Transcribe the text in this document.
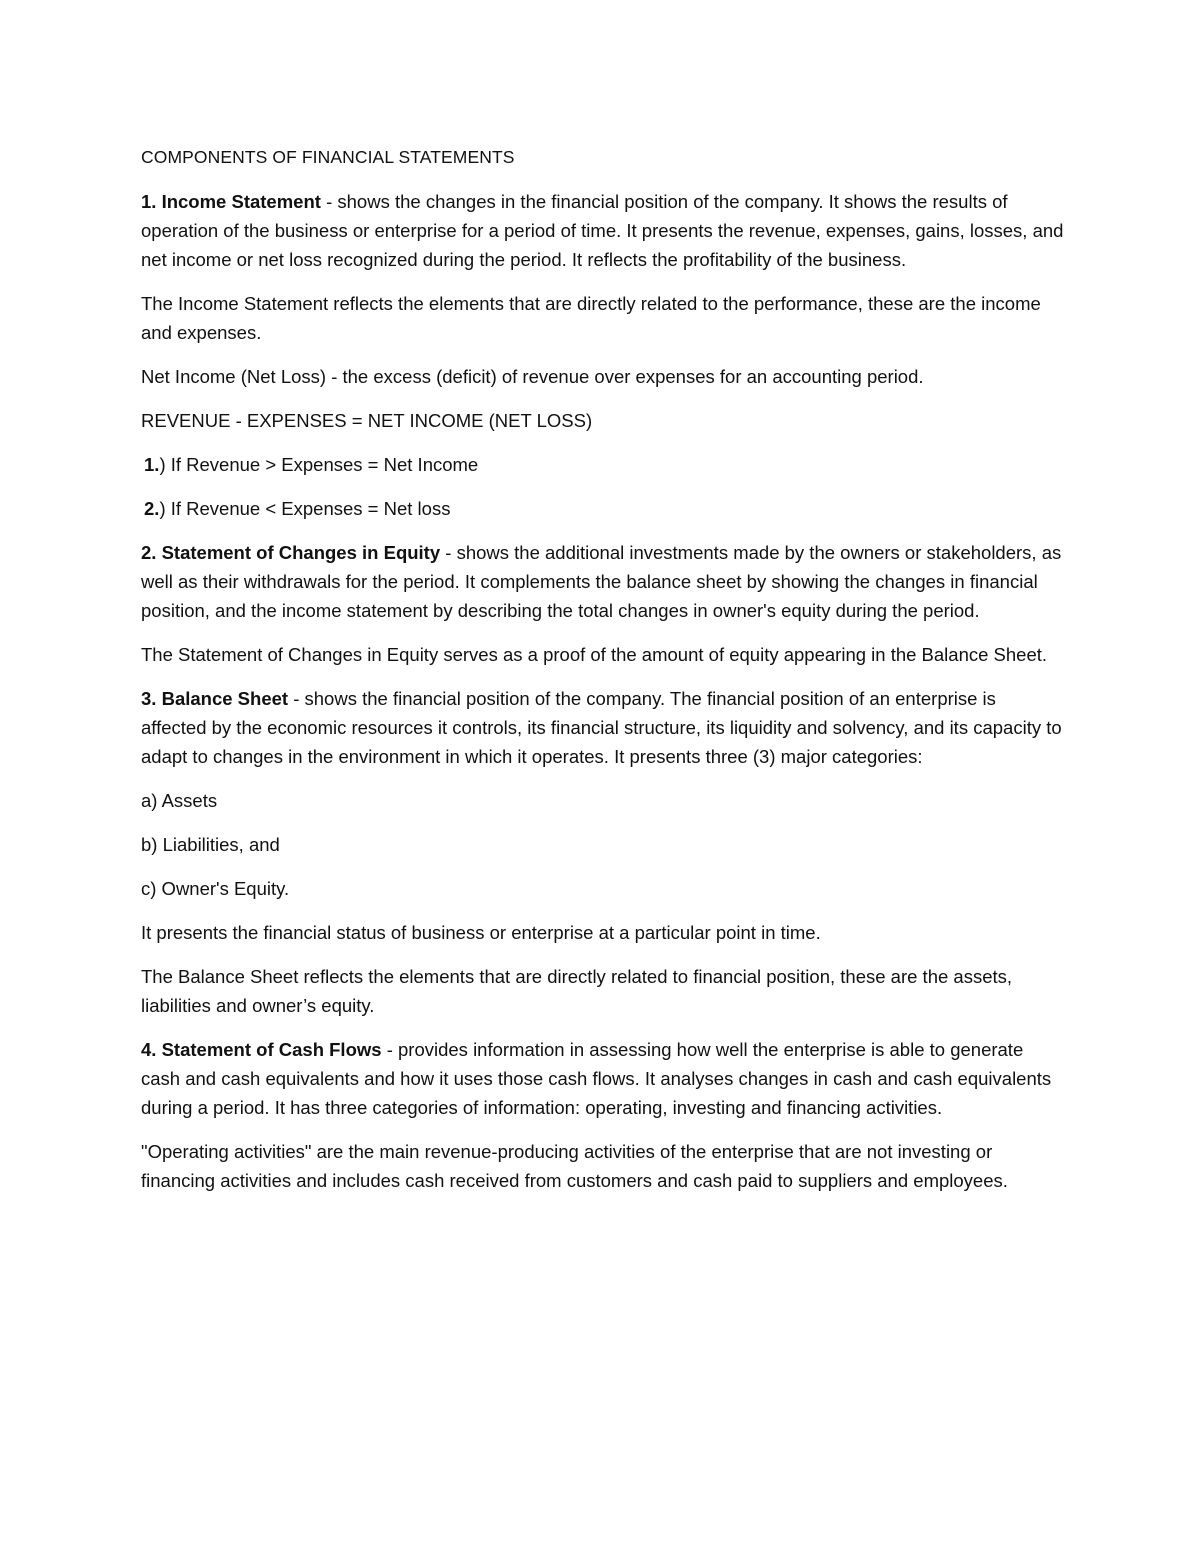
COMPONENTS OF FINANCIAL STATEMENTS

1. Income Statement - shows the changes in the financial position of the company. It shows the results of operation of the business or enterprise for a period of time. It presents the revenue, expenses, gains, losses, and net income or net loss recognized during the period. It reflects the profitability of the business.

The Income Statement reflects the elements that are directly related to the performance, these are the income and expenses.

Net Income (Net Loss) - the excess (deficit) of revenue over expenses for an accounting period.

REVENUE - EXPENSES = NET INCOME (NET LOSS)

1.) If Revenue > Expenses = Net Income

2.) If Revenue < Expenses = Net loss

2. Statement of Changes in Equity - shows the additional investments made by the owners or stakeholders, as well as their withdrawals for the period. It complements the balance sheet by showing the changes in financial position, and the income statement by describing the total changes in owner's equity during the period.

The Statement of Changes in Equity serves as a proof of the amount of equity appearing in the Balance Sheet.

3. Balance Sheet - shows the financial position of the company. The financial position of an enterprise is affected by the economic resources it controls, its financial structure, its liquidity and solvency, and its capacity to adapt to changes in the environment in which it operates. It presents three (3) major categories:

a) Assets

b) Liabilities, and

c) Owner's Equity.

It presents the financial status of business or enterprise at a particular point in time.

The Balance Sheet reflects the elements that are directly related to financial position, these are the assets, liabilities and owner’s equity.

4. Statement of Cash Flows - provides information in assessing how well the enterprise is able to generate cash and cash equivalents and how it uses those cash flows. It analyses changes in cash and cash equivalents during a period. It has three categories of information: operating, investing and financing activities.

"Operating activities" are the main revenue-producing activities of the enterprise that are not investing or financing activities and includes cash received from customers and cash paid to suppliers and employees.
